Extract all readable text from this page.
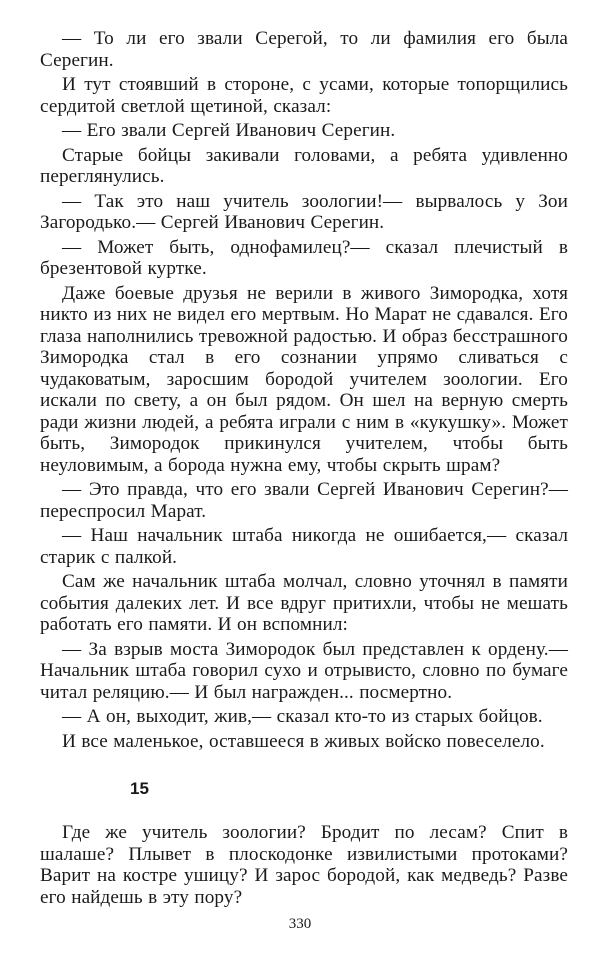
— То ли его звали Серегой, то ли фамилия его была Серегин.

И тут стоявший в стороне, с усами, которые топорщились сердитой светлой щетиной, сказал:

— Его звали Сергей Иванович Серегин.

Старые бойцы закивали головами, а ребята удивленно переглянулись.

— Так это наш учитель зоологии!— вырвалось у Зои Загородько.— Сергей Иванович Серегин.

— Может быть, однофамилец?— сказал плечистый в брезентовой куртке.

Даже боевые друзья не верили в живого Зимородка, хотя никто из них не видел его мертвым. Но Марат не сдавался. Его глаза наполнились тревожной радостью. И образ бесстрашного Зимородка стал в его сознании упрямо сливаться с чудаковатым, заросшим бородой учителем зоологии. Его искали по свету, а он был рядом. Он шел на верную смерть ради жизни людей, а ребята играли с ним в «кукушку». Может быть, Зимородок прикинулся учителем, чтобы быть неуловимым, а борода нужна ему, чтобы скрыть шрам?

— Это правда, что его звали Сергей Иванович Серегин?— переспросил Марат.

— Наш начальник штаба никогда не ошибается,— сказал старик с палкой.

Сам же начальник штаба молчал, словно уточнял в памяти события далеких лет. И все вдруг притихли, чтобы не мешать работать его памяти. И он вспомнил:

— За взрыв моста Зимородок был представлен к ордену.— Начальник штаба говорил сухо и отрывисто, словно по бумаге читал реляцию.— И был награжден... посмертно.

— А он, выходит, жив,— сказал кто-то из старых бойцов.

И все маленькое, оставшееся в живых войско повеселело.

15

Где же учитель зоологии? Бродит по лесам? Спит в шалаше? Плывет в плоскодонке извилистыми протоками? Варит на костре ушицу? И зарос бородой, как медведь? Разве его найдешь в эту пору?

330
